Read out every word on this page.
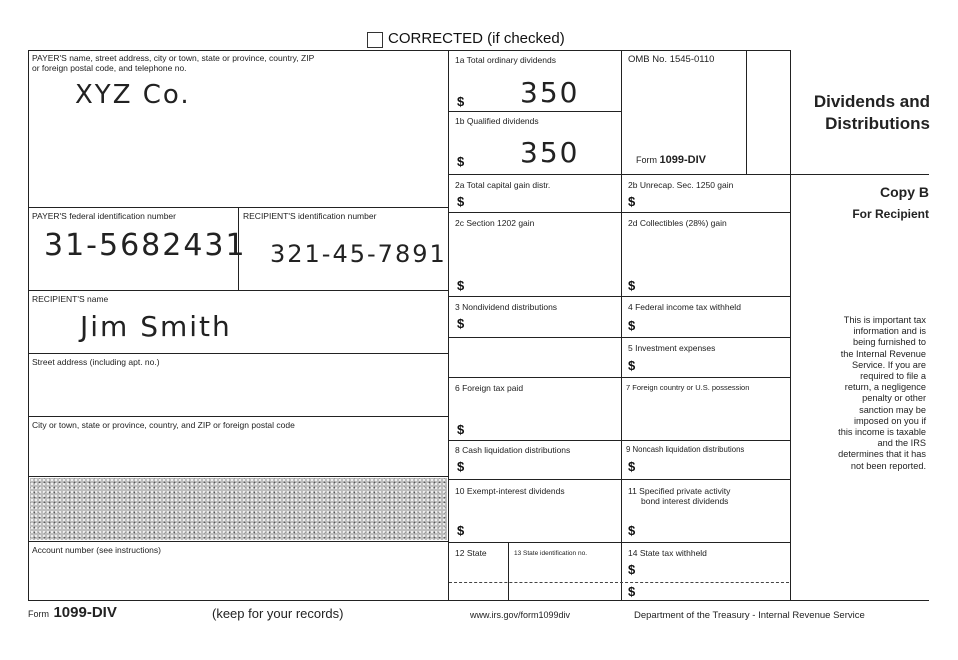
CORRECTED (if checked)
PAYER'S name, street address, city or town, state or province, country, ZIP
or foreign postal code, and telephone no.
XYZ Co.
PAYER'S federal identification number
31-5682431
RECIPIENT'S identification number
321-45-7891
RECIPIENT'S name
Jim Smith
Street address (including apt. no.)
City or town, state or province, country, and ZIP or foreign postal code
Account number (see instructions)
1a Total ordinary dividends
$ 350
1b Qualified dividends
$ 350
OMB No. 1545-0110
Form 1099-DIV
2a Total capital gain distr.
$
2b Unrecap. Sec. 1250 gain
$
2c Section 1202 gain
$
2d Collectibles (28%) gain
$
3 Nondividend distributions
$
4 Federal income tax withheld
$
5 Investment expenses
$
6 Foreign tax paid
$
7 Foreign country or U.S. possession
8 Cash liquidation distributions
$
9 Noncash liquidation distributions
$
10 Exempt-interest dividends
$
11 Specified private activity
bond interest dividends
$
12 State	13 State identification no.	14 State tax withheld
$
$
Dividends and
Distributions
Copy B
For Recipient
This is important tax
information and is
being furnished to
the Internal Revenue
Service. If you are
required to file a
return, a negligence
penalty or other
sanction may be
imposed on you if
this income is taxable
and the IRS
determines that it has
not been reported.
Form 1099-DIV	(keep for your records)	www.irs.gov/form1099div	Department of the Treasury - Internal Revenue Service
